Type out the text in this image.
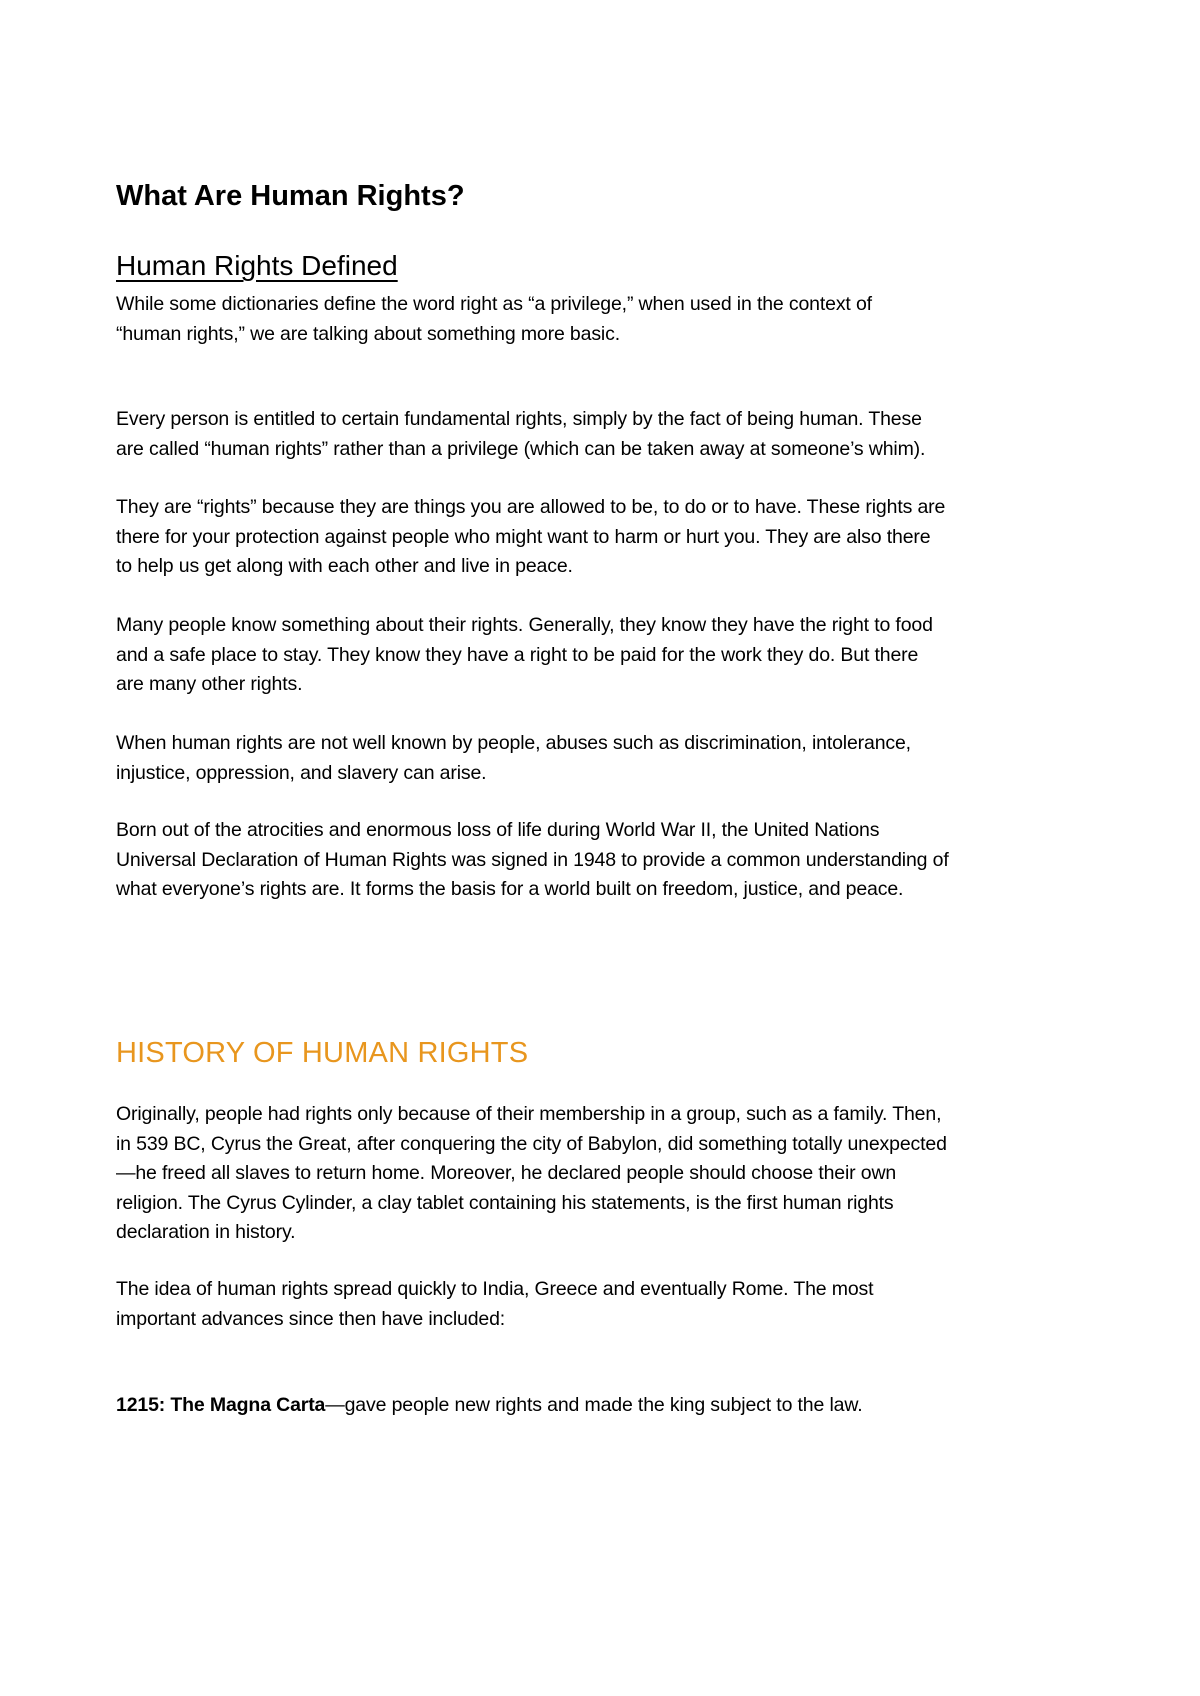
What Are Human Rights?
Human Rights Defined

While some dictionaries define the word right as “a privilege,” when used in the context of
“human rights,” we are talking about something more basic.

Every person is entitled to certain fundamental rights, simply by the fact of being human. These
are called “human rights” rather than a privilege (which can be taken away at someone’s whim).

They are “rights” because they are things you are allowed to be, to do or to have. These rights are
there for your protection against people who might want to harm or hurt you. They are also there
to help us get along with each other and live in peace.

Many people know something about their rights. Generally, they know they have the right to food
and a safe place to stay. They know they have a right to be paid for the work they do. But there
are many other rights.

When human rights are not well known by people, abuses such as discrimination, intolerance,
injustice, oppression, and slavery can arise.

Born out of the atrocities and enormous loss of life during World War II, the United Nations
Universal Declaration of Human Rights was signed in 1948 to provide a common understanding of
what everyone’s rights are. It forms the basis for a world built on freedom, justice, and peace.

HISTORY OF HUMAN RIGHTS

Originally, people had rights only because of their membership in a group, such as a family. Then,
in 539 BC, Cyrus the Great, after conquering the city of Babylon, did something totally unexpected
—he freed all slaves to return home. Moreover, he declared people should choose their own
religion. The Cyrus Cylinder, a clay tablet containing his statements, is the first human rights
declaration in history.

The idea of human rights spread quickly to India, Greece and eventually Rome. The most
important advances since then have included:

1215: The Magna Carta—gave people new rights and made the king subject to the law.
